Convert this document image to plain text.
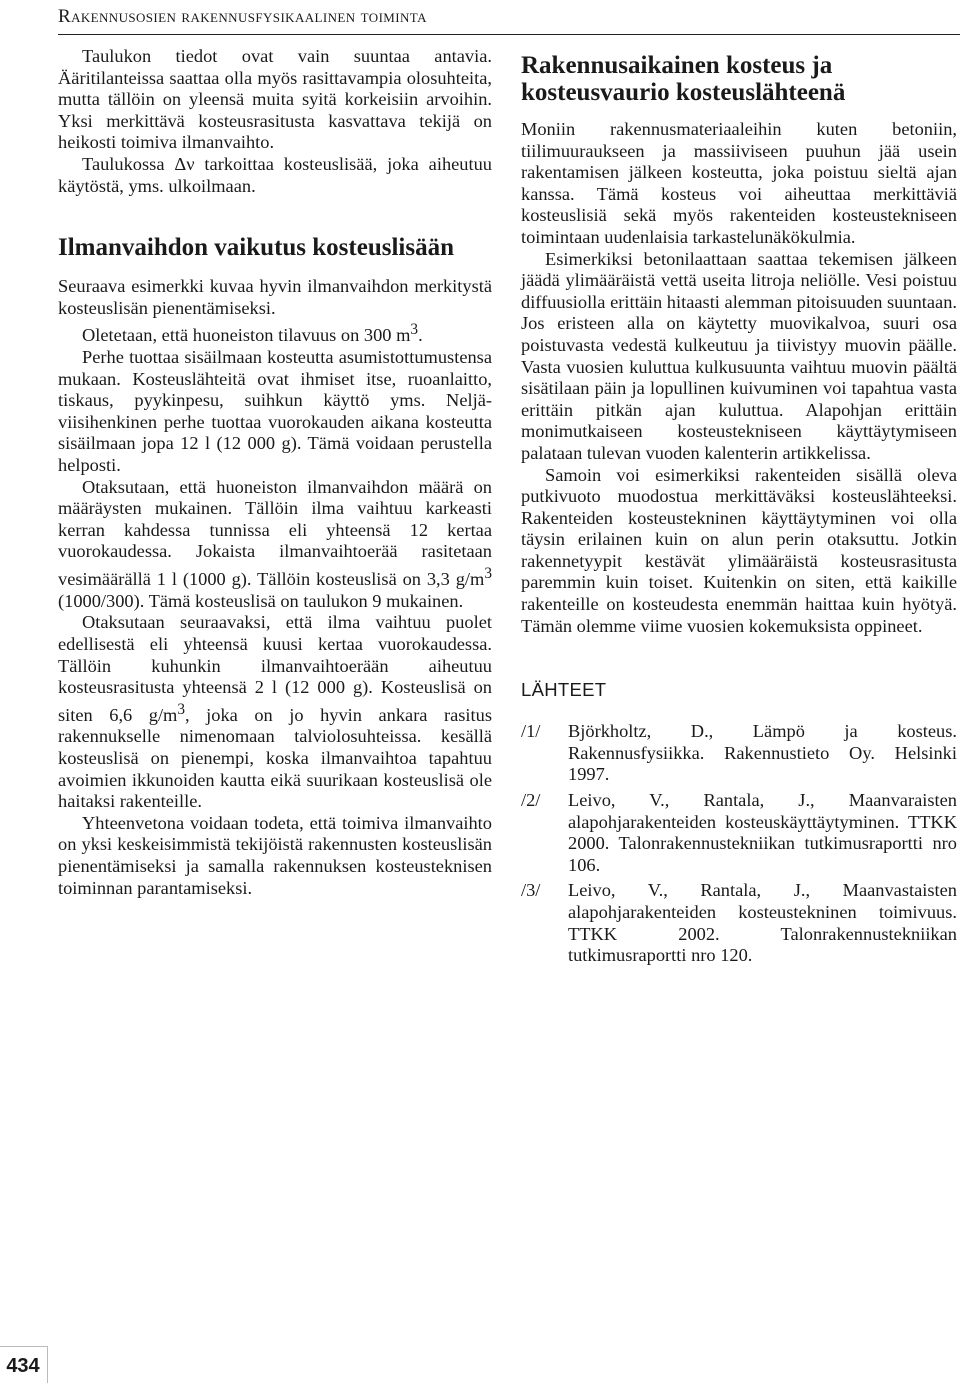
Rakennusosien rakennusfysikaalinen toiminta

Taulukon tiedot ovat vain suuntaa antavia. Ääritilanteissa saattaa olla myös rasittavampia olosuhteita, mutta tällöin on yleensä muita syitä korkeisiin arvoihin. Yksi merkittävä kosteusrasitusta kasvattava tekijä on heikosti toimiva ilmanvaihto.

Taulukossa Δν tarkoittaa kosteuslisää, joka aiheutuu käytöstä, yms. ulkoilmaan.

Ilmanvaihdon vaikutus kosteuslisään

Seuraava esimerkki kuvaa hyvin ilmanvaihdon merkitystä kosteuslisän pienentämiseksi.

Oletetaan, että huoneiston tilavuus on 300 $m^3$.

Perhe tuottaa sisäilmaan kosteutta asumistottumustensa mukaan. Kosteuslähteitä ovat ihmiset itse, ruoanlaitto, tiskaus, pyykinpesu, suihkun käyttö yms. Neljä-viisihenkinen perhe tuottaa vuorokauden aikana kosteutta sisäilmaan jopa 12 l (12 000 g). Tämä voidaan perustella helposti.

Otaksutaan, että huoneiston ilmanvaihdon määrä on määräysten mukainen. Tällöin ilma vaihtuu karkeasti kerran kahdessa tunnissa eli yhteensä 12 kertaa vuorokaudessa. Jokaista ilmanvaihtoerää rasitetaan vesimäärällä 1 l (1000 g). Tällöin kosteuslisä on 3,3 $g/m^3$ (1000/300). Tämä kosteuslisä on taulukon 9 mukainen.

Otaksutaan seuraavaksi, että ilma vaihtuu puolet edellisestä eli yhteensä kuusi kertaa vuorokaudessa. Tällöin kuhunkin ilmanvaihtoerään aiheutuu kosteusrasitusta yhteensä 2 l (12 000 g). Kosteuslisä on siten 6,6 $g/m^3$, joka on jo hyvin ankara rasitus rakennukselle nimenomaan talviolosuhteissa. kesällä kosteuslisä on pienempi, koska ilmanvaihtoa tapahtuu avoimien ikkunoiden kautta eikä suurikaan kosteuslisä ole haitaksi rakenteille.

Yhteenvetona voidaan todeta, että toimiva ilmanvaihto on yksi keskeisimmistä tekijöistä rakennusten kosteuslisän pienentämiseksi ja samalla rakennuksen kosteusteknisen toiminnan parantamiseksi.

Rakennusaikainen kosteus ja kosteusvaurio kosteuslähteenä

Moniin rakennusmateriaaleihin kuten betoniin, tiilimuuraukseen ja massiiviseen puuhun jää usein rakentamisen jälkeen kosteutta, joka poistuu sieltä ajan kanssa. Tämä kosteus voi aiheuttaa merkittäviä kosteuslisiä sekä myös rakenteiden kosteustekniseen toimintaan uudenlaisia tarkastelunäkökulmia.

Esimerkiksi betonilaattaan saattaa tekemisen jälkeen jäädä ylimääräistä vettä useita litroja neliölle. Vesi poistuu diffuusiolla erittäin hitaasti alemman pitoisuuden suuntaan. Jos eristeen alla on käytetty muovikalvoa, suuri osa poistuvasta vedestä kulkeutuu ja tiivistyy muovin päälle. Vasta vuosien kuluttua kulkusuunta vaihtuu muovin päältä sisätilaan päin ja lopullinen kuivuminen voi tapahtua vasta erittäin pitkän ajan kuluttua. Alapohjan erittäin monimutkaiseen kosteustekniseen käyttäytymiseen palataan tulevan vuoden kalenterin artikkelissa.

Samoin voi esimerkiksi rakenteiden sisällä oleva putkivuoto muodostua merkittäväksi kosteuslähteeksi. Rakenteiden kosteustekninen käyttäytyminen voi olla täysin erilainen kuin on alun perin otaksuttu. Jotkin rakennetyypit kestävät ylimääräistä kosteusrasitusta paremmin kuin toiset. Kuitenkin on siten, että kaikille rakenteille on kosteudesta enemmän haittaa kuin hyötyä. Tämän olemme viime vuosien kokemuksista oppineet.

LÄHTEET
/1/ Björkholtz, D., Lämpö ja kosteus. Rakennusfysiikka. Rakennustieto Oy. Helsinki 1997.
/2/ Leivo, V., Rantala, J., Maanvaraisten alapohjarakenteiden kosteuskäyttäytyminen. TTKK 2000. Talonrakennustekniikan tutkimusraportti nro 106.
/3/ Leivo, V., Rantala, J., Maanvastaisten alapohjarakenteiden kosteustekninen toimivuus. TTKK 2002. Talonrakennustekniikan tutkimusraportti nro 120.
434
